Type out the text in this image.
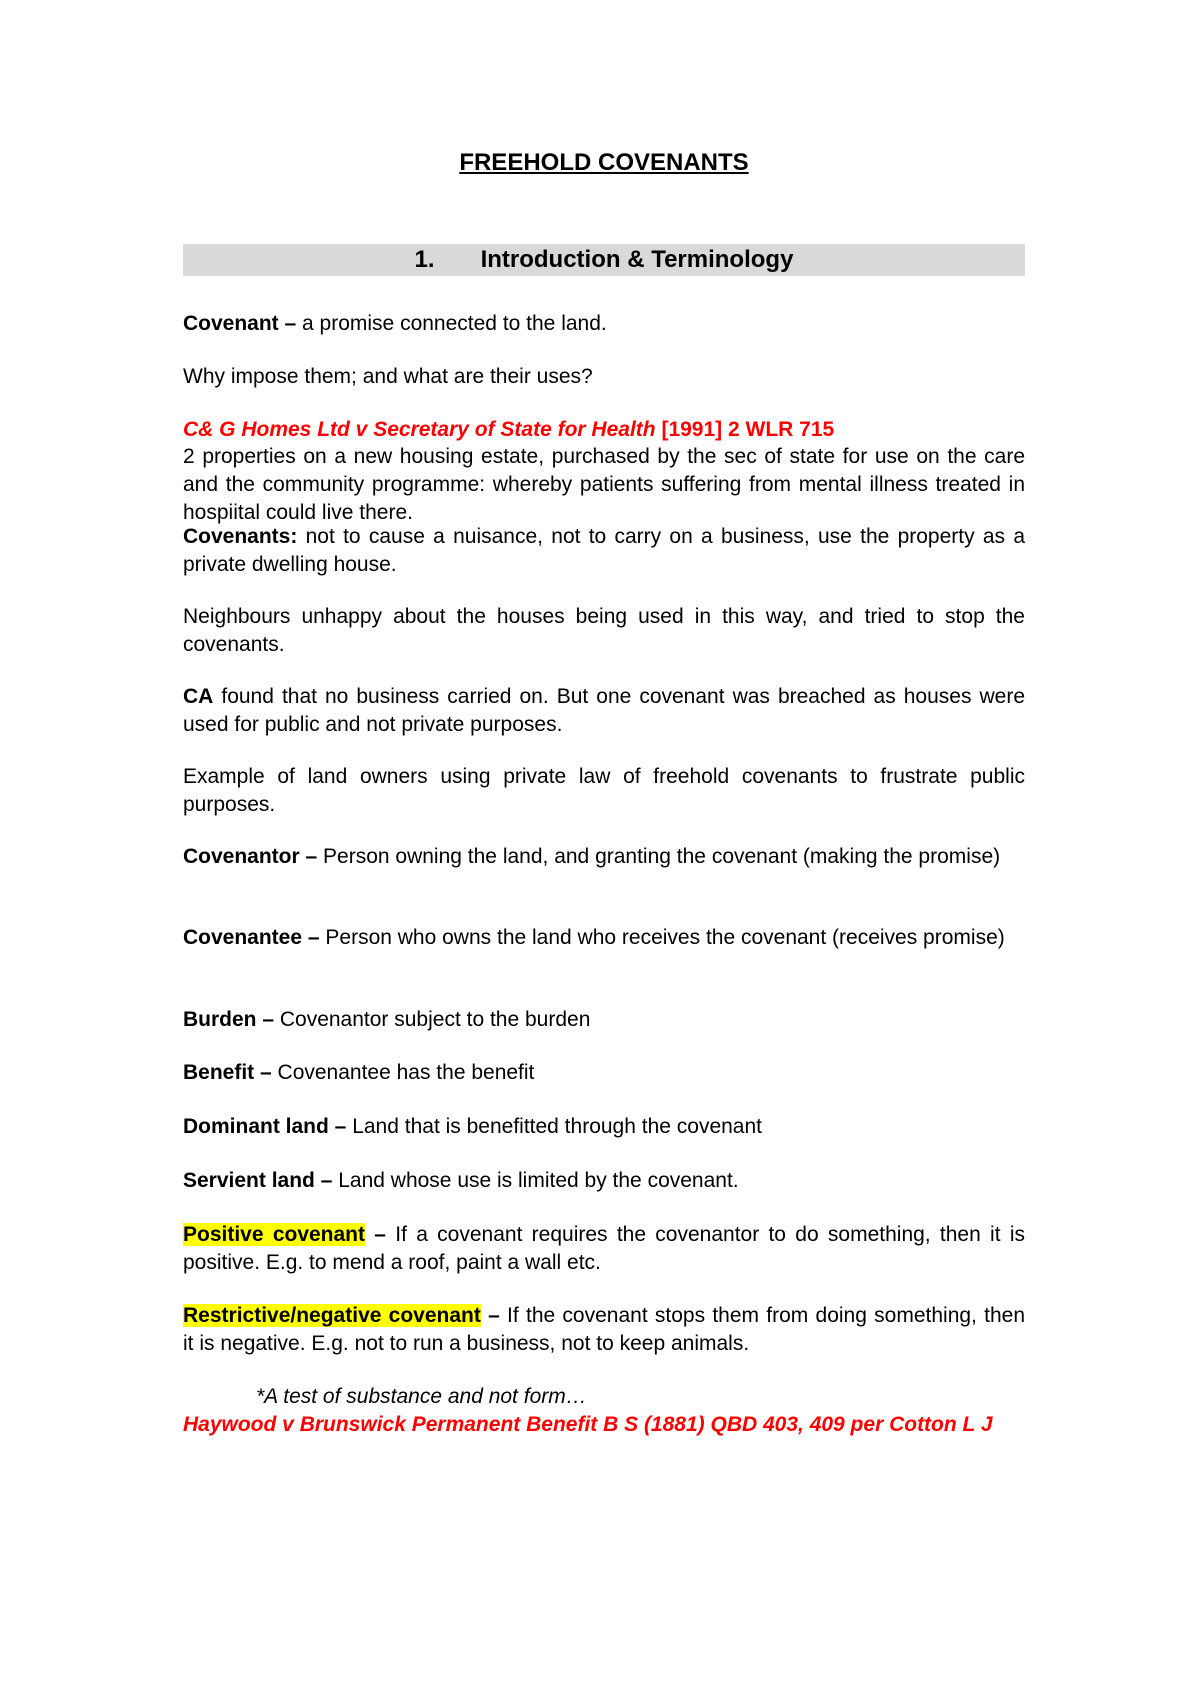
FREEHOLD COVENANTS
1. Introduction & Terminology

Covenant – a promise connected to the land.

Why impose them; and what are their uses?

C& G Homes Ltd v Secretary of State for Health [1991] 2 WLR 715

2 properties on a new housing estate, purchased by the sec of state for use on the care and the community programme: whereby patients suffering from mental illness treated in hospiital could live there.

Covenants: not to cause a nuisance, not to carry on a business, use the property as a private dwelling house.

Neighbours unhappy about the houses being used in this way, and tried to stop the covenants.

CA found that no business carried on. But one covenant was breached as houses were used for public and not private purposes.

Example of land owners using private law of freehold covenants to frustrate public purposes.

Covenantor – Person owning the land, and granting the covenant (making the promise)

Covenantee – Person who owns the land who receives the covenant (receives promise)

Burden – Covenantor subject to the burden

Benefit – Covenantee has the benefit

Dominant land – Land that is benefitted through the covenant

Servient land – Land whose use is limited by the covenant.

Positive covenant – If a covenant requires the covenantor to do something, then it is positive. E.g. to mend a roof, paint a wall etc.

Restrictive/negative covenant – If the covenant stops them from doing something, then it is negative. E.g. not to run a business, not to keep animals.

*A test of substance and not form…

Haywood v Brunswick Permanent Benefit B S (1881) QBD 403, 409 per Cotton L J
